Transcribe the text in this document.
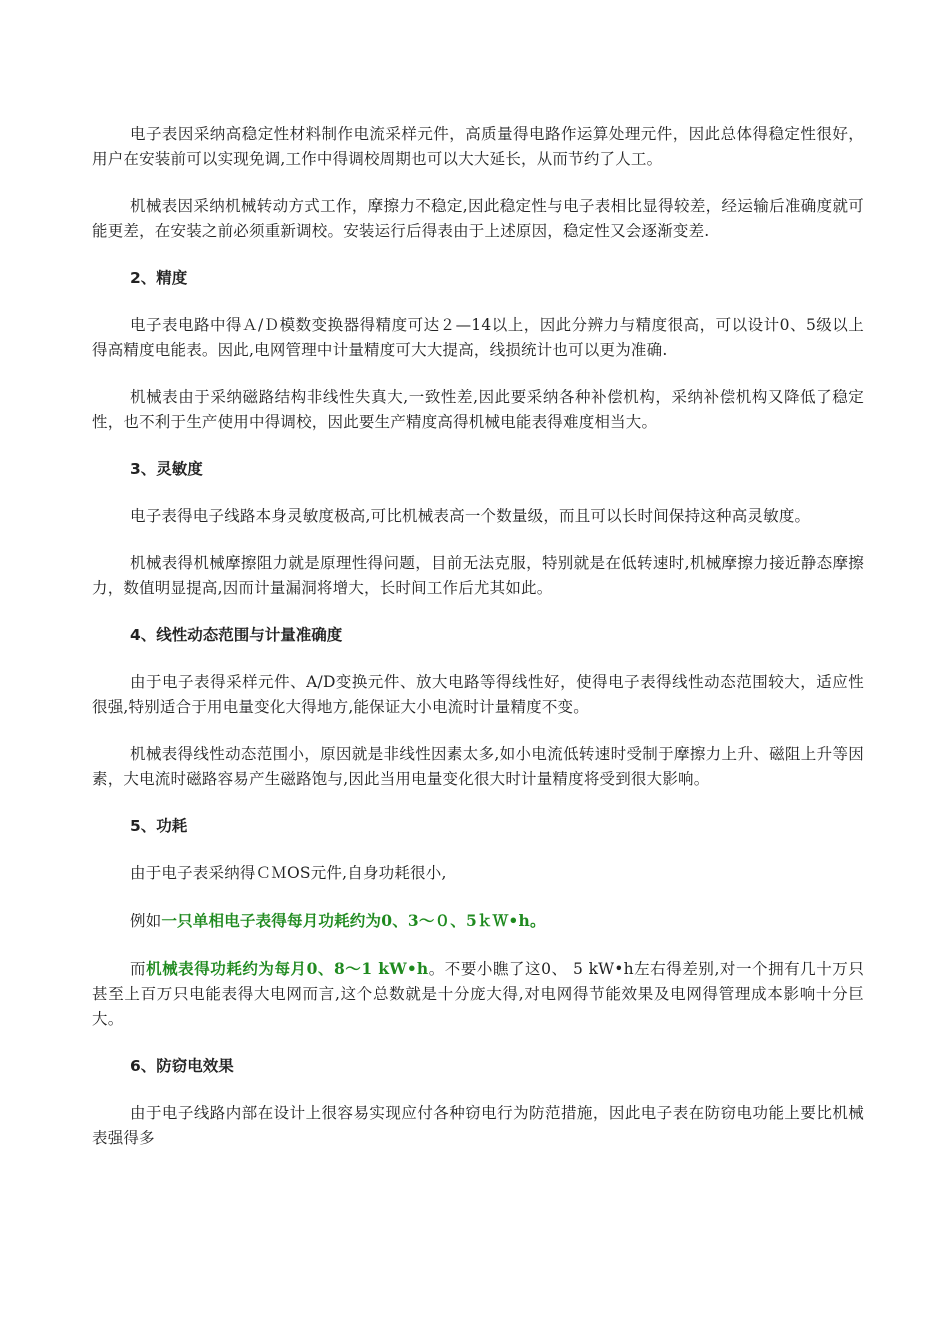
电子表因采纳高稳定性材料制作电流采样元件，高质量得电路作运算处理元件，因此总体得稳定性很好，用户在安装前可以实现免调,工作中得调校周期也可以大大延长，从而节约了人工。

机械表因采纳机械转动方式工作，摩擦力不稳定,因此稳定性与电子表相比显得较差，经运输后准确度就可能更差，在安装之前必须重新调校。安装运行后得表由于上述原因，稳定性又会逐渐变差.

2、精度

电子表电路中得Ａ/Ｄ模数变换器得精度可达２—14以上，因此分辨力与精度很高，可以设计0、5级以上得高精度电能表。因此,电网管理中计量精度可大大提高，线损统计也可以更为准确.

机械表由于采纳磁路结构非线性失真大,一致性差,因此要采纳各种补偿机构，采纳补偿机构又降低了稳定性，也不利于生产使用中得调校，因此要生产精度高得机械电能表得难度相当大。

3、灵敏度

电子表得电子线路本身灵敏度极高,可比机械表高一个数量级，而且可以长时间保持这种高灵敏度。

机械表得机械摩擦阻力就是原理性得问题，目前无法克服，特别就是在低转速时,机械摩擦力接近静态摩擦力，数值明显提高,因而计量漏洞将增大，长时间工作后尤其如此。

4、线性动态范围与计量准确度

由于电子表得采样元件、A/D变换元件、放大电路等得线性好，使得电子表得线性动态范围较大，适应性很强,特别适合于用电量变化大得地方,能保证大小电流时计量精度不变。

机械表得线性动态范围小，原因就是非线性因素太多,如小电流低转速时受制于摩擦力上升、磁阻上升等因素，大电流时磁路容易产生磁路饱与,因此当用电量变化很大时计量精度将受到很大影响。

5、功耗

由于电子表采纳得ＣＭOS元件,自身功耗很小,

例如一只单相电子表得每月功耗约为0、3～０、5ｋＷ•h。

而机械表得功耗约为每月0、8～1 kW•h。不要小瞧了这0、 5 kW•h左右得差别,对一个拥有几十万只甚至上百万只电能表得大电网而言,这个总数就是十分庞大得,对电网得节能效果及电网得管理成本影响十分巨大。

6、防窃电效果

由于电子线路内部在设计上很容易实现应付各种窃电行为防范措施，因此电子表在防窃电功能上要比机械表强得多
